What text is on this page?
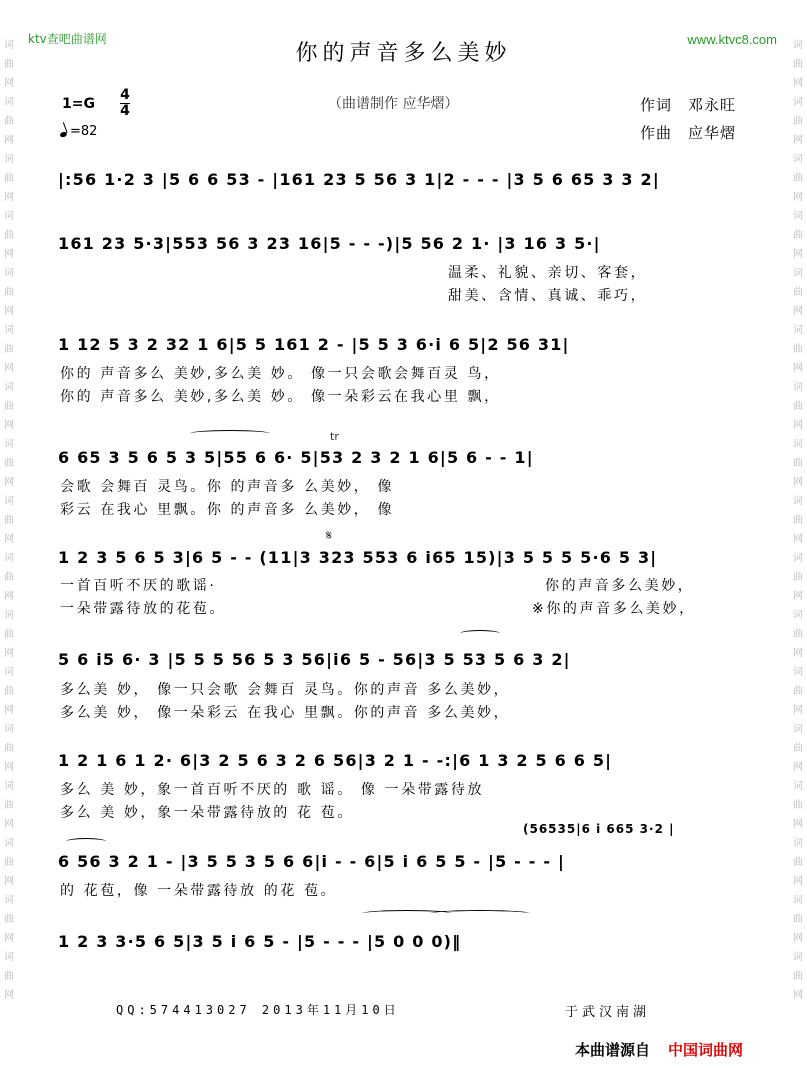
词
曲
网
词
曲
网
词
曲
网
词
曲
网
词
曲
网
词
曲
网
词
曲
网
词
曲
网
词
曲
网
词
曲
网
词
曲
网
词
曲
网
词
曲
网
词
曲
网
词
曲
网
词
曲
网
词
曲
网
词
曲
网
词
曲
网
词
曲
网
词
曲
网
词
曲
网
词
曲
网
词
曲
网
词
曲
网
词
曲
网
词
曲
网
词
曲
网
词
曲
网
词
曲
网
词
曲
网
词
曲
网
词
曲
网
词
曲
网
ktv查吧曲谱网	www.ktvc8.com
你的声音多么美妙
1=G
4
4
=82
（曲谱制作 应华熠）	作词　邓永旺
作曲　应华熠
|:56 1·2 3 |5 6 6 53 - |161 23 5 56 3 1|2 - - - |3 5 6 65 3 3 2|
161 23 5·3|553 56 3 23 16|5 - - -)|5 56 2 1· |3 16 3 5·|
温柔、礼貌、亲切、客套，
甜美、含情、真诚、乖巧，
1 12 5 3 2 32 1 6|5 5 161 2 - |5 5 3 6·i 6 5|2 56 31|
你的 声音多么 美妙,多么美 妙。 像一只会歌会舞百灵 鸟，
你的 声音多么 美妙,多么美 妙。 像一朵彩云在我心里 飘，
tr
6 65 3 5 6 5 3 5|55 6 6· 5|53 2 3 2 1 6|5 6 - - 1|
会歌 会舞百 灵鸟。你 的声音多 么美妙， 像
彩云 在我心 里飘。你 的声音多 么美妙， 像
𝄋
1 2 3 5 6 5 3|6 5 - - (11|3 323 553 6 i65 15)|3 5 5 5 5·6 5 3|
一首百听不厌的歌谣·
一朵带露待放的花苞。
你的声音多么美妙，
※你的声音多么美妙，
5 6 i5 6· 3 |5 5 5 56 5 3 56|i6 5 - 56|3 5 53 5 6 3 2|
多么美 妙， 像一只会歌 会舞百 灵鸟。你的声音 多么美妙，
多么美 妙， 像一朵彩云 在我心 里飘。你的声音 多么美妙，
1 2 1 6 1 2· 6|3 2 5 6 3 2 6 56|3 2 1 - -:|6 1 3 2 5 6 6 5|
多么 美 妙，象一首百听不厌的 歌 谣。 像 一朵带露待放
多么 美 妙，象一朵带露待放的 花 苞。
(56535|6 i 665 3·2 |
6 56 3 2 1 - |3 5 5 3 5 6 6|i - - 6|5 i 6 5 5 - |5 - - - |
的 花苞，像 一朵带露待放 的花 苞。
1 2 3 3·5 6 5|3 5 i 6 5 - |5 - - - |5 0 0 0)‖
QQ:574413027 2013年11月10日	于武汉南湖
本曲谱源自 中国词曲网
